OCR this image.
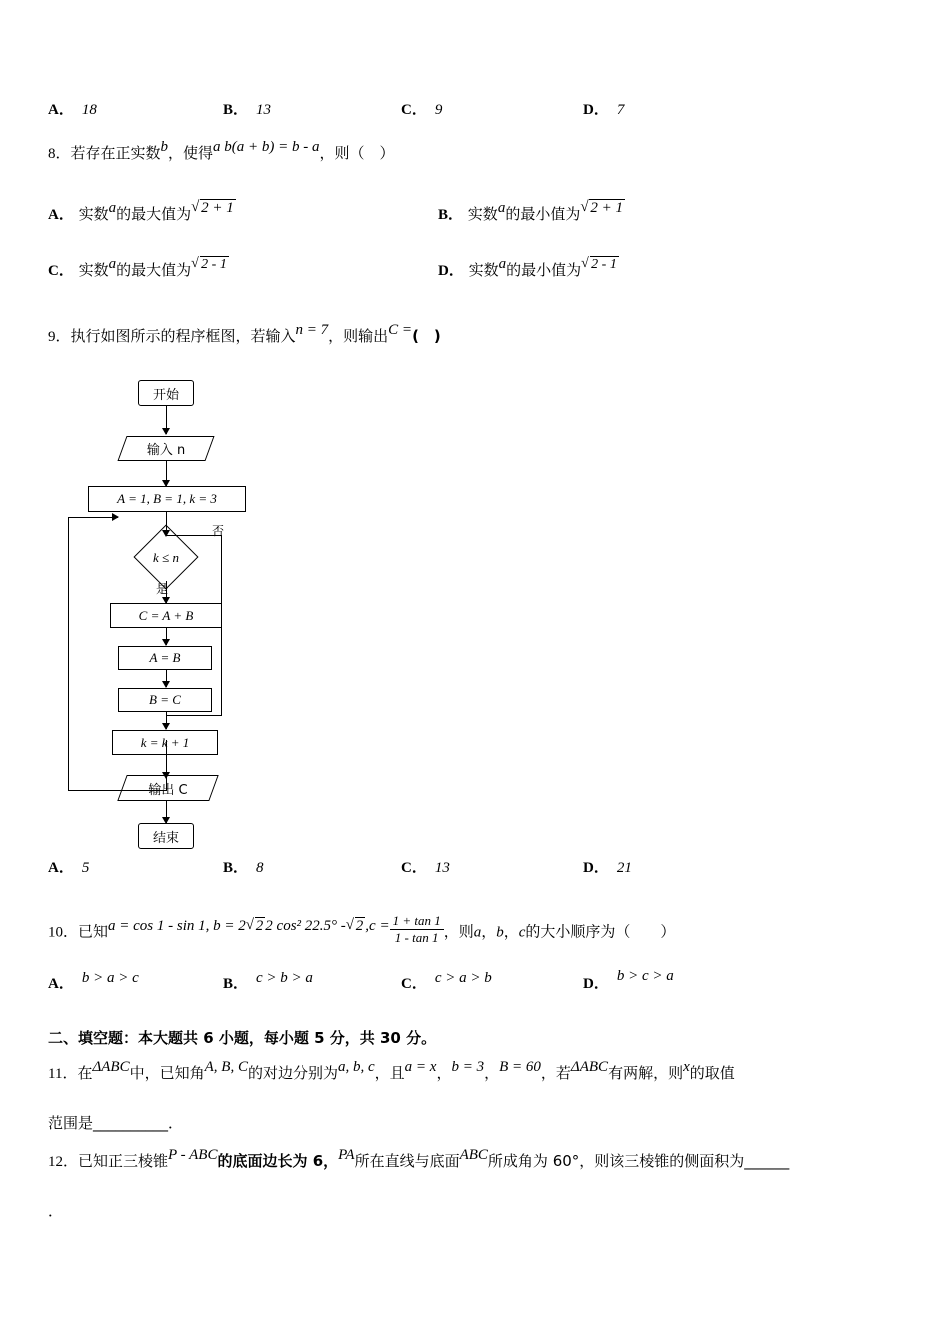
A． 18	B． 13	C． 9	D． 7
8．若存在正实数b，使得a b(a + b) = b - a，则（　）
A． 实数a的最大值为 √ 2 + 1	B． 实数a的最小值为 √ 2 + 1
C． 实数a的最大值为 √ 2 - 1	D． 实数a的最小值为 √ 2 - 1
9．执行如图所示的程序框图，若输入n = 7，则输出C =(　)
开始
输入 n
A = 1, B = 1, k = 3
k ≤ n
否
是
C = A + B
A = B
B = C
k = k + 1
输出 C
结束
A． 5	B． 8	C． 13	D． 21
10．已知a = cos 1 - sin 1, b = 2 √ 2 2 cos² 22.5° - √ 2 $,c = \frac{1 + \tan 1}{1 - \tan 1}$ ，则a，b，c的大小顺序为（　　）
A． b > a > c	B． c > b > a	C． c > a > b	D． b > c > a
二、填空题：本大题共 6 小题，每小题 5 分，共 30 分。
11．在ΔABC中，已知角A, B, C的对边分别为a, b, c，且a = x，b = 3，B = 60，若ΔABC有两解，则x的取值
范围是__________．
12．已知正三棱锥P - ABC的底面边长为 6，PA所在直线与底面ABC所成角为 60°，则该三棱锥的侧面积为______
．
